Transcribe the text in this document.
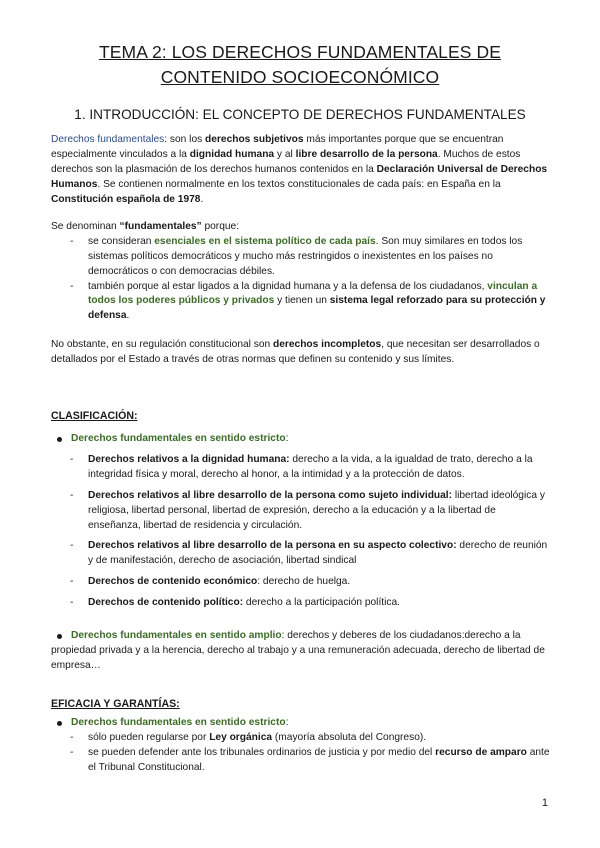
TEMA 2: LOS DERECHOS FUNDAMENTALES DE
CONTENIDO SOCIOECONÓMICO
1. INTRODUCCIÓN: EL CONCEPTO DE DERECHOS FUNDAMENTALES

Derechos fundamentales: son los derechos subjetivos más importantes porque que se encuentran especialmente vinculados a la dignidad humana y al libre desarrollo de la persona. Muchos de estos derechos son la plasmación de los derechos humanos contenidos en la Declaración Universal de Derechos Humanos. Se contienen normalmente en los textos constitucionales de cada país: en España en la Constitución española de 1978.

Se denominan “fundamentales” porque:
- se consideran esenciales en el sistema político de cada país. Son muy similares en todos los sistemas políticos democráticos y mucho más restringidos o inexistentes en los países no democráticos o con democracias débiles.
- también porque al estar ligados a la dignidad humana y a la defensa de los ciudadanos, vinculan a todos los poderes públicos y privados y tienen un sistema legal reforzado para su protección y defensa.

No obstante, en su regulación constitucional son derechos incompletos, que necesitan ser desarrollados o detallados por el Estado a través de otras normas que definen su contenido y sus límites.

CLASIFICACIÓN:
Derechos fundamentales en sentido estricto:
- Derechos relativos a la dignidad humana: derecho a la vida, a la igualdad de trato, derecho a la integridad física y moral, derecho al honor, a la intimidad y a la protección de datos.
- Derechos relativos al libre desarrollo de la persona como sujeto individual: libertad ideológica y religiosa, libertad personal, libertad de expresión, derecho a la educación y a la libertad de enseñanza, libertad de residencia y circulación.
- Derechos relativos al libre desarrollo de la persona en su aspecto colectivo: derecho de reunión y de manifestación, derecho de asociación, libertad sindical
- Derechos de contenido económico: derecho de huelga.
- Derechos de contenido político: derecho a la participación política.
Derechos fundamentales en sentido amplio: derechos y deberes de los ciudadanos:derecho a la propiedad privada y a la herencia, derecho al trabajo y a una remuneración adecuada, derecho de libertad de empresa…
EFICACIA Y GARANTÍAS:
Derechos fundamentales en sentido estricto:
- sólo pueden regularse por Ley orgánica (mayoría absoluta del Congreso).
- se pueden defender ante los tribunales ordinarios de justicia y por medio del recurso de amparo ante el Tribunal Constitucional.
1
